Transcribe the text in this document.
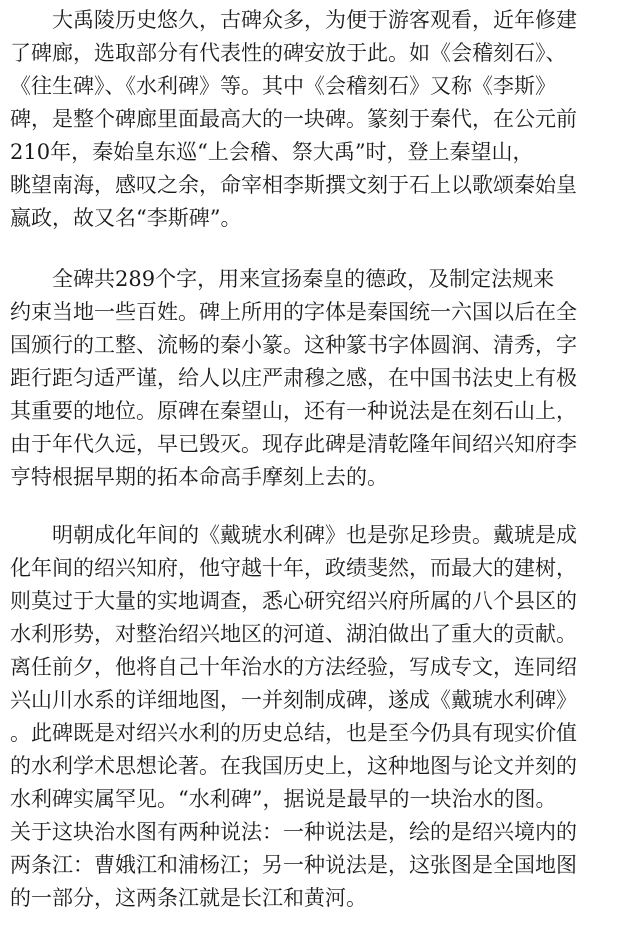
　　大禹陵历史悠久，古碑众多，为便于游客观看，近年修建
了碑廊，选取部分有代表性的碑安放于此。如《会稽刻石》、
《往生碑》、《水利碑》等。其中《会稽刻石》又称《李斯》
碑，是整个碑廊里面最高大的一块碑。篆刻于秦代，在公元前
210年，秦始皇东巡“上会稽、祭大禹”时，登上秦望山，
眺望南海，感叹之余，命宰相李斯撰文刻于石上以歌颂秦始皇
嬴政，故又名“李斯碑”。
　　全碑共289个字，用来宣扬秦皇的德政，及制定法规来
约束当地一些百姓。碑上所用的字体是秦国统一六国以后在全
国颁行的工整、流畅的秦小篆。这种篆书字体圆润、清秀，字
距行距匀适严谨，给人以庄严肃穆之感，在中国书法史上有极
其重要的地位。原碑在秦望山，还有一种说法是在刻石山上，
由于年代久远，早已毁灭。现存此碑是清乾隆年间绍兴知府李
亨特根据早期的拓本命高手摩刻上去的。
　　明朝成化年间的《戴琥水利碑》也是弥足珍贵。戴琥是成
化年间的绍兴知府，他守越十年，政绩斐然，而最大的建树，
则莫过于大量的实地调查，悉心研究绍兴府所属的八个县区的
水利形势，对整治绍兴地区的河道、湖泊做出了重大的贡献。
离任前夕，他将自己十年治水的方法经验，写成专文，连同绍
兴山川水系的详细地图，一并刻制成碑，遂成《戴琥水利碑》
。此碑既是对绍兴水利的历史总结，也是至今仍具有现实价值
的水利学术思想论著。在我国历史上，这种地图与论文并刻的
水利碑实属罕见。“水利碑”，据说是最早的一块治水的图。
关于这块治水图有两种说法：一种说法是，绘的是绍兴境内的
两条江：曹娥江和浦杨江；另一种说法是，这张图是全国地图
的一部分，这两条江就是长江和黄河。
